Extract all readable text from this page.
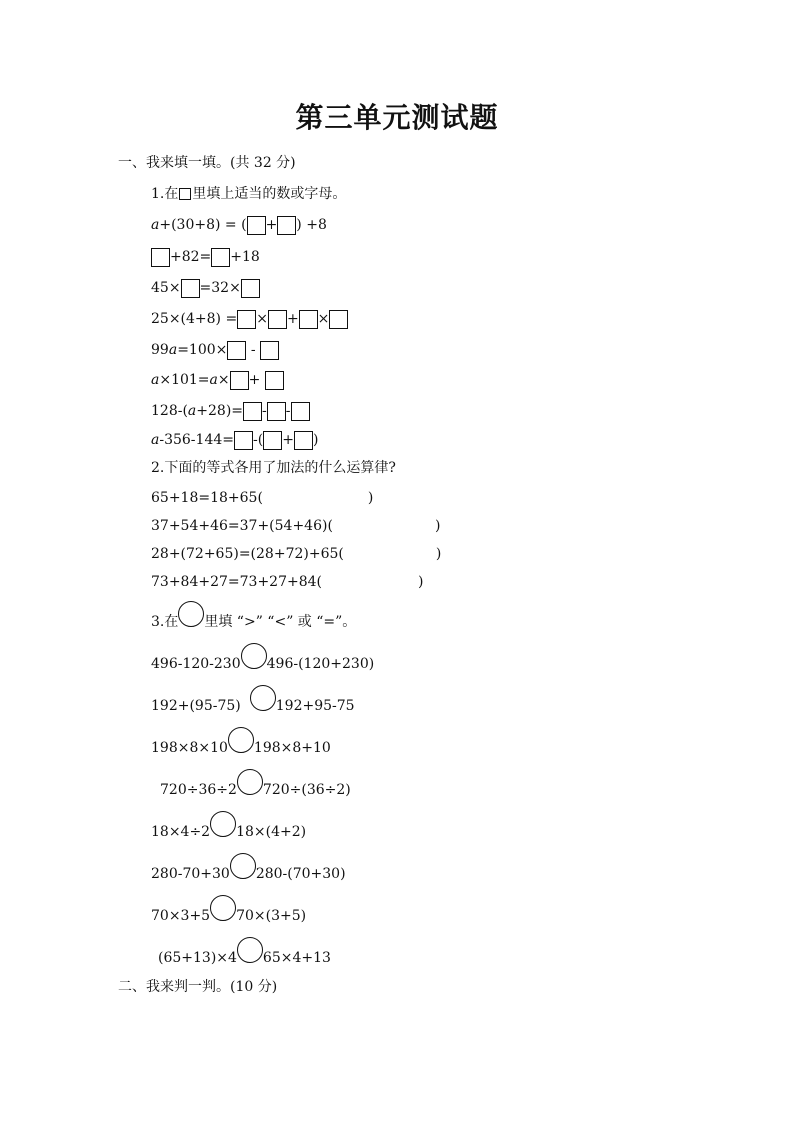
第三单元测试题
一、我来填一填。(共 32 分)
1.在 里填上适当的数或字母。
a +(30+8) = ( + ) +8
+82= +18
45× =32×
25×(4+8) = × + ×
99 a =100× -
a ×101= a × +
128-( a +28)= - -
a -356-144= -( + )
2.下面的等式各用了加法的什么运算律?
65+18=18+65(	)
37+54+46=37+(54+46)(	)
28+(72+65)=(28+72)+65(	)
73+84+27=73+27+84(	)
3.在 里填 “>” “<” 或 “=”。
496-120-230 496-(120+230)
192+(95-75)	192+95-75
198×8×10 198×8+10
720÷36÷2 720÷(36÷2)
18×4÷2 18×(4+2)
280-70+30 280-(70+30)
70×3+5 70×(3+5)
(65+13)×4 65×4+13
二、我来判一判。(10 分)
